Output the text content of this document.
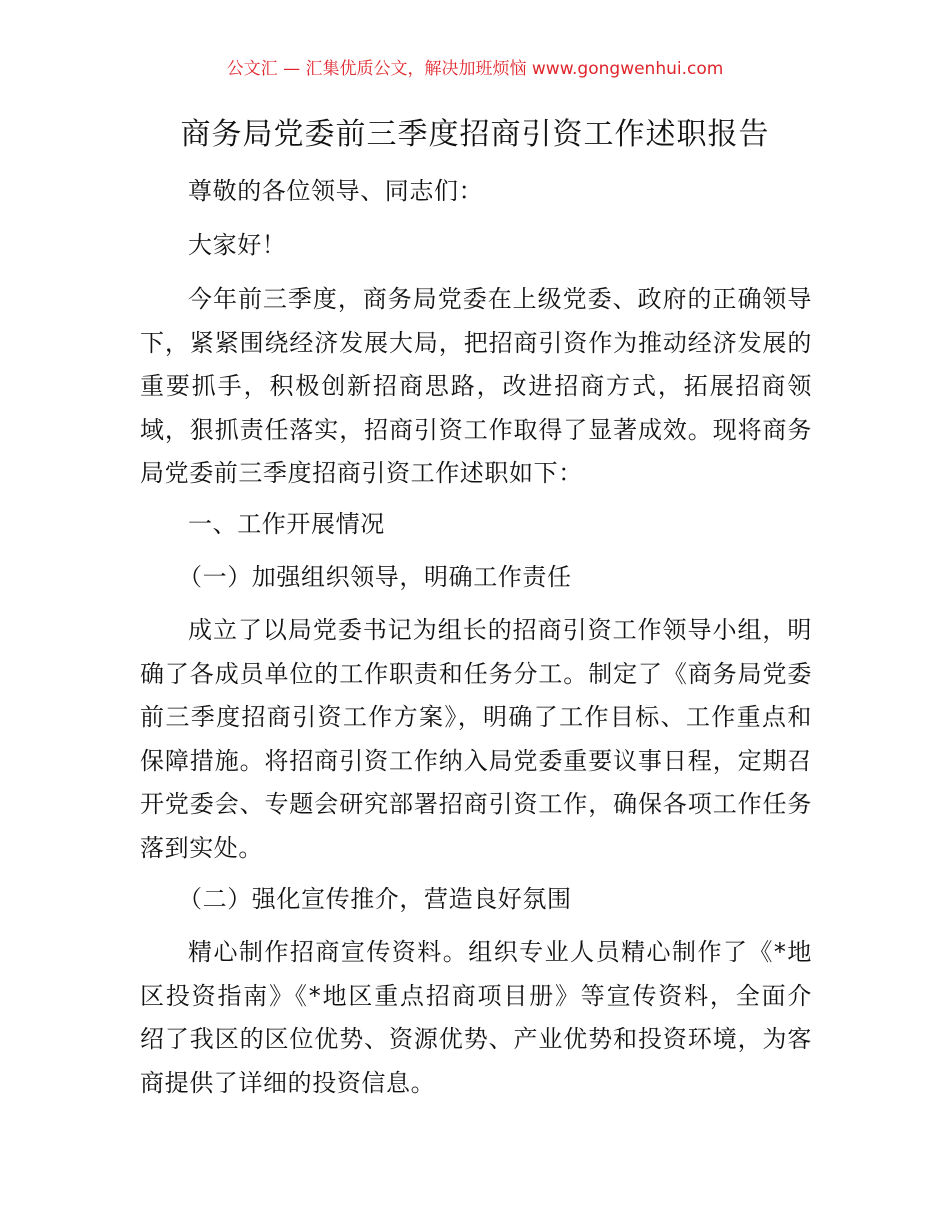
公文汇 — 汇集优质公文，解决加班烦恼 www.gongwenhui.com
商务局党委前三季度招商引资工作述职报告
尊敬的各位领导、同志们：
大家好！
今年前三季度，商务局党委在上级党委、政府的正确领导
下，紧紧围绕经济发展大局，把招商引资作为推动经济发展的
重要抓手，积极创新招商思路，改进招商方式，拓展招商领
域，狠抓责任落实，招商引资工作取得了显著成效。现将商务
局党委前三季度招商引资工作述职如下：
一、工作开展情况
（一）加强组织领导，明确工作责任
成立了以局党委书记为组长的招商引资工作领导小组，明
确了各成员单位的工作职责和任务分工。制定了《商务局党委
前三季度招商引资工作方案》，明确了工作目标、工作重点和
保障措施。将招商引资工作纳入局党委重要议事日程，定期召
开党委会、专题会研究部署招商引资工作，确保各项工作任务
落到实处。
（二）强化宣传推介，营造良好氛围
精心制作招商宣传资料。组织专业人员精心制作了《*地
区投资指南》《*地区重点招商项目册》等宣传资料，全面介
绍了我区的区位优势、资源优势、产业优势和投资环境，为客
商提供了详细的投资信息。
